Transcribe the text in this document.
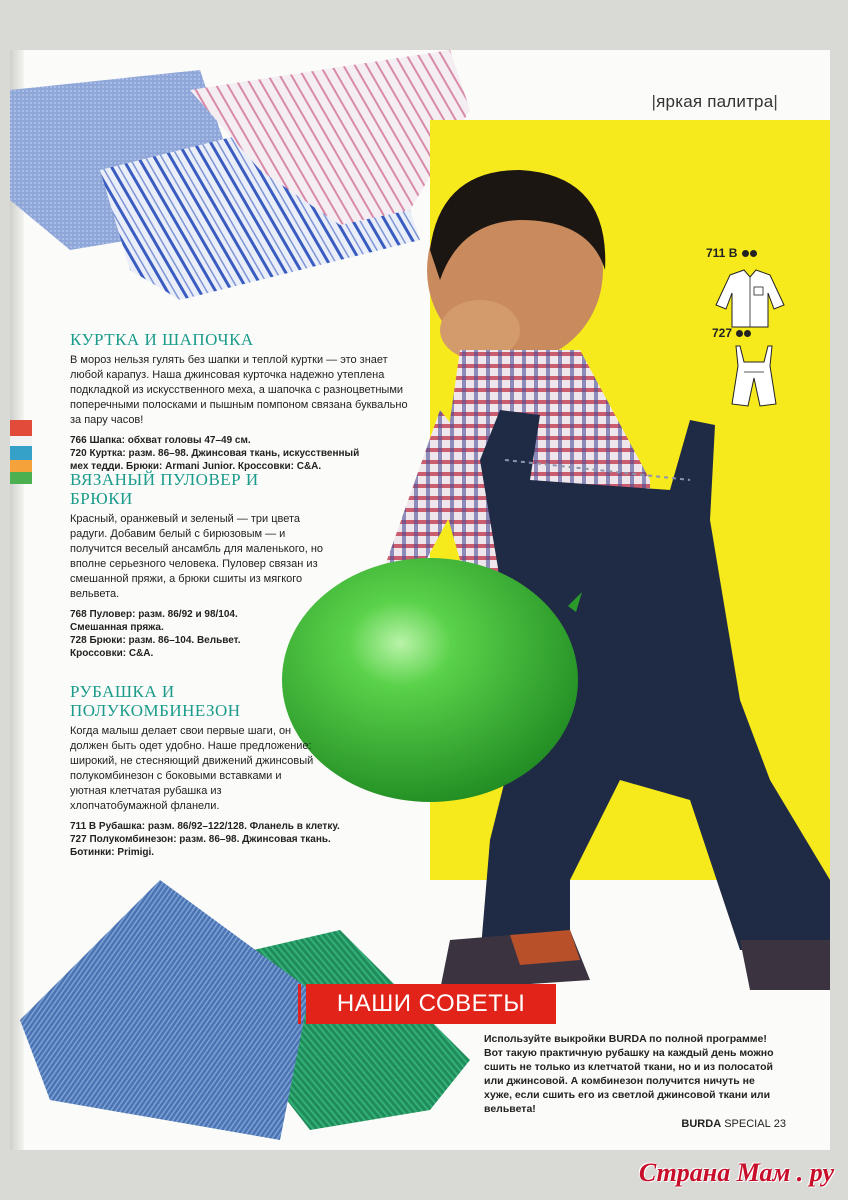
|яркая палитра|
711 В
727
КУРТКА И ШАПОЧКА

В мороз нельзя гулять без шапки и теплой куртки — это знает любой карапуз. Наша джинсовая курточка надежно утеплена подкладкой из искусственного меха, а шапочка с разноцветными поперечными полосками и пышным помпоном связана буквально за пару часов!

766 Шапка: обхват головы 47–49 см.
720 Куртка: разм. 86–98. Джинсовая ткань, искусственный
мех тедди. Брюки: Armani Junior. Кроссовки: C&A.
ВЯЗАНЫЙ ПУЛОВЕР И БРЮКИ

Красный, оранжевый и зеленый — три цвета радуги. Добавим белый с бирюзовым — и получится веселый ансамбль для маленького, но вполне серьезного человека. Пуловер связан из смешанной пряжи, а брюки сшиты из мягкого вельвета.

768 Пуловер: разм. 86/92 и 98/104.
Смешанная пряжа.
728 Брюки: разм. 86–104. Вельвет.
Кроссовки: C&A.
РУБАШКА И ПОЛУКОМБИНЕЗОН

Когда малыш делает свои первые шаги, он должен быть одет удобно. Наше предложение: широкий, не стесняющий движений джинсовый полукомбинезон с боковыми вставками и уютная клетчатая рубашка из хлопчатобумажной фланели.

711 В Рубашка: разм. 86/92–122/128. Фланель в клетку.
727 Полукомбинезон: разм. 86–98. Джинсовая ткань.
Ботинки: Primigi.
НАШИ СОВЕТЫ
Используйте выкройки BURDA по полной программе! Вот такую практичную рубашку на каждый день можно сшить не только из клетчатой ткани, но и из полосатой или джинсовой. А комбинезон получится ничуть не хуже, если сшить его из светлой джинсовой ткани или вельвета!
BURDA SPECIAL 23
Страна Мам . ру
